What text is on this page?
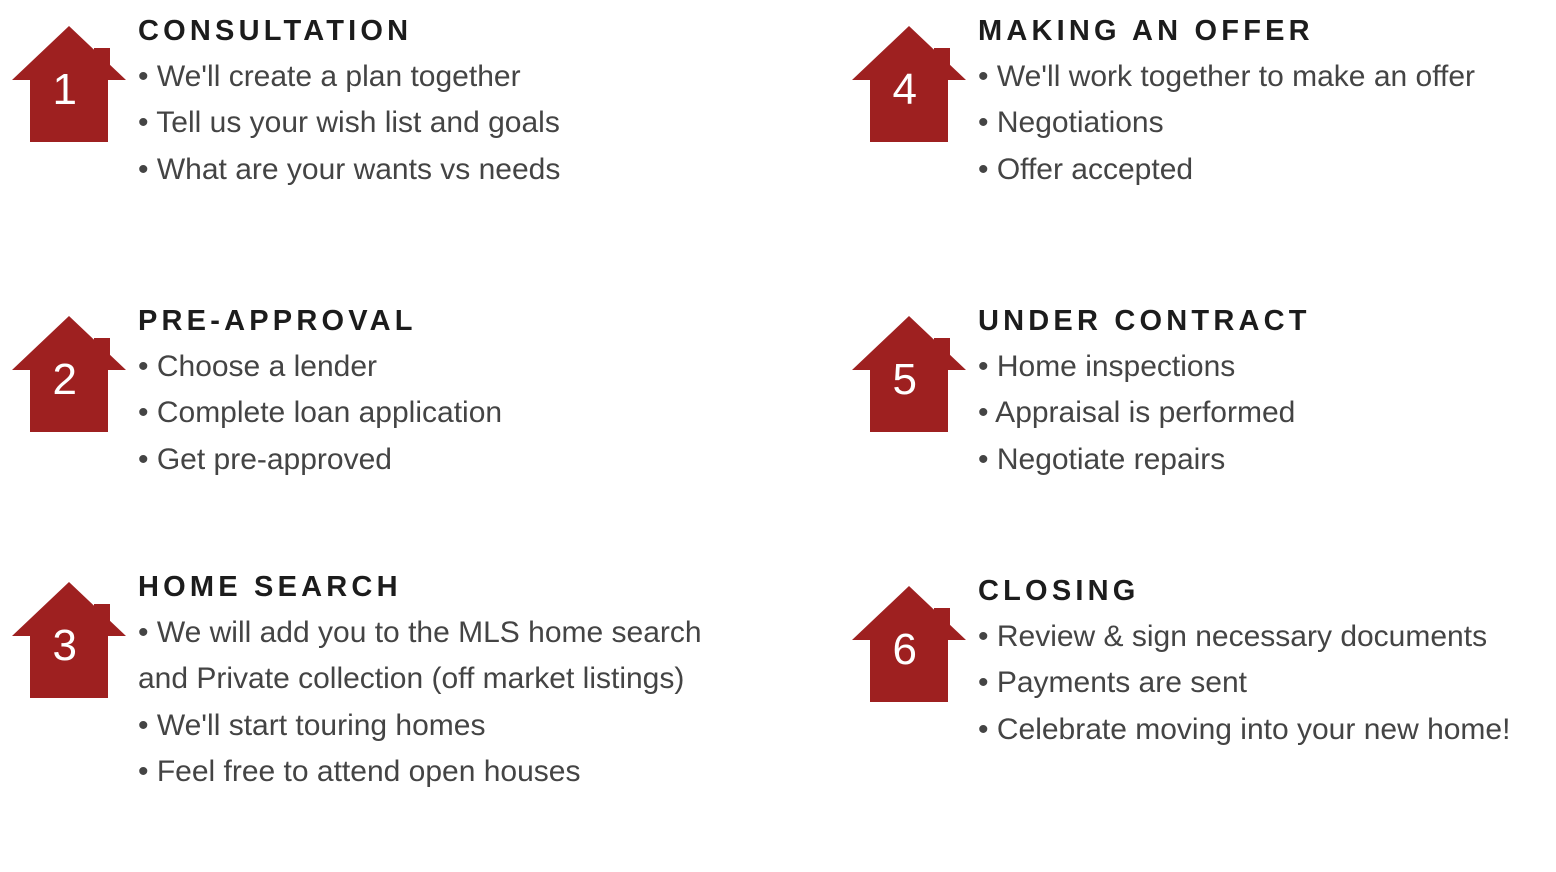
1
CONSULTATION

• We'll create a plan together

• Tell us your wish list and goals

• What are your wants vs needs

2
PRE-APPROVAL

• Choose a lender

• Complete loan application

• Get pre-approved

3
HOME SEARCH

• We will add you to the MLS home search and Private collection (off market listings)

• We'll start touring homes

• Feel free to attend open houses

4
MAKING AN OFFER

• We'll work together to make an offer

• Negotiations

• Offer accepted

5
UNDER CONTRACT

• Home inspections

• Appraisal is performed

• Negotiate repairs

6
CLOSING

• Review & sign necessary documents

• Payments are sent

• Celebrate moving into your new home!
